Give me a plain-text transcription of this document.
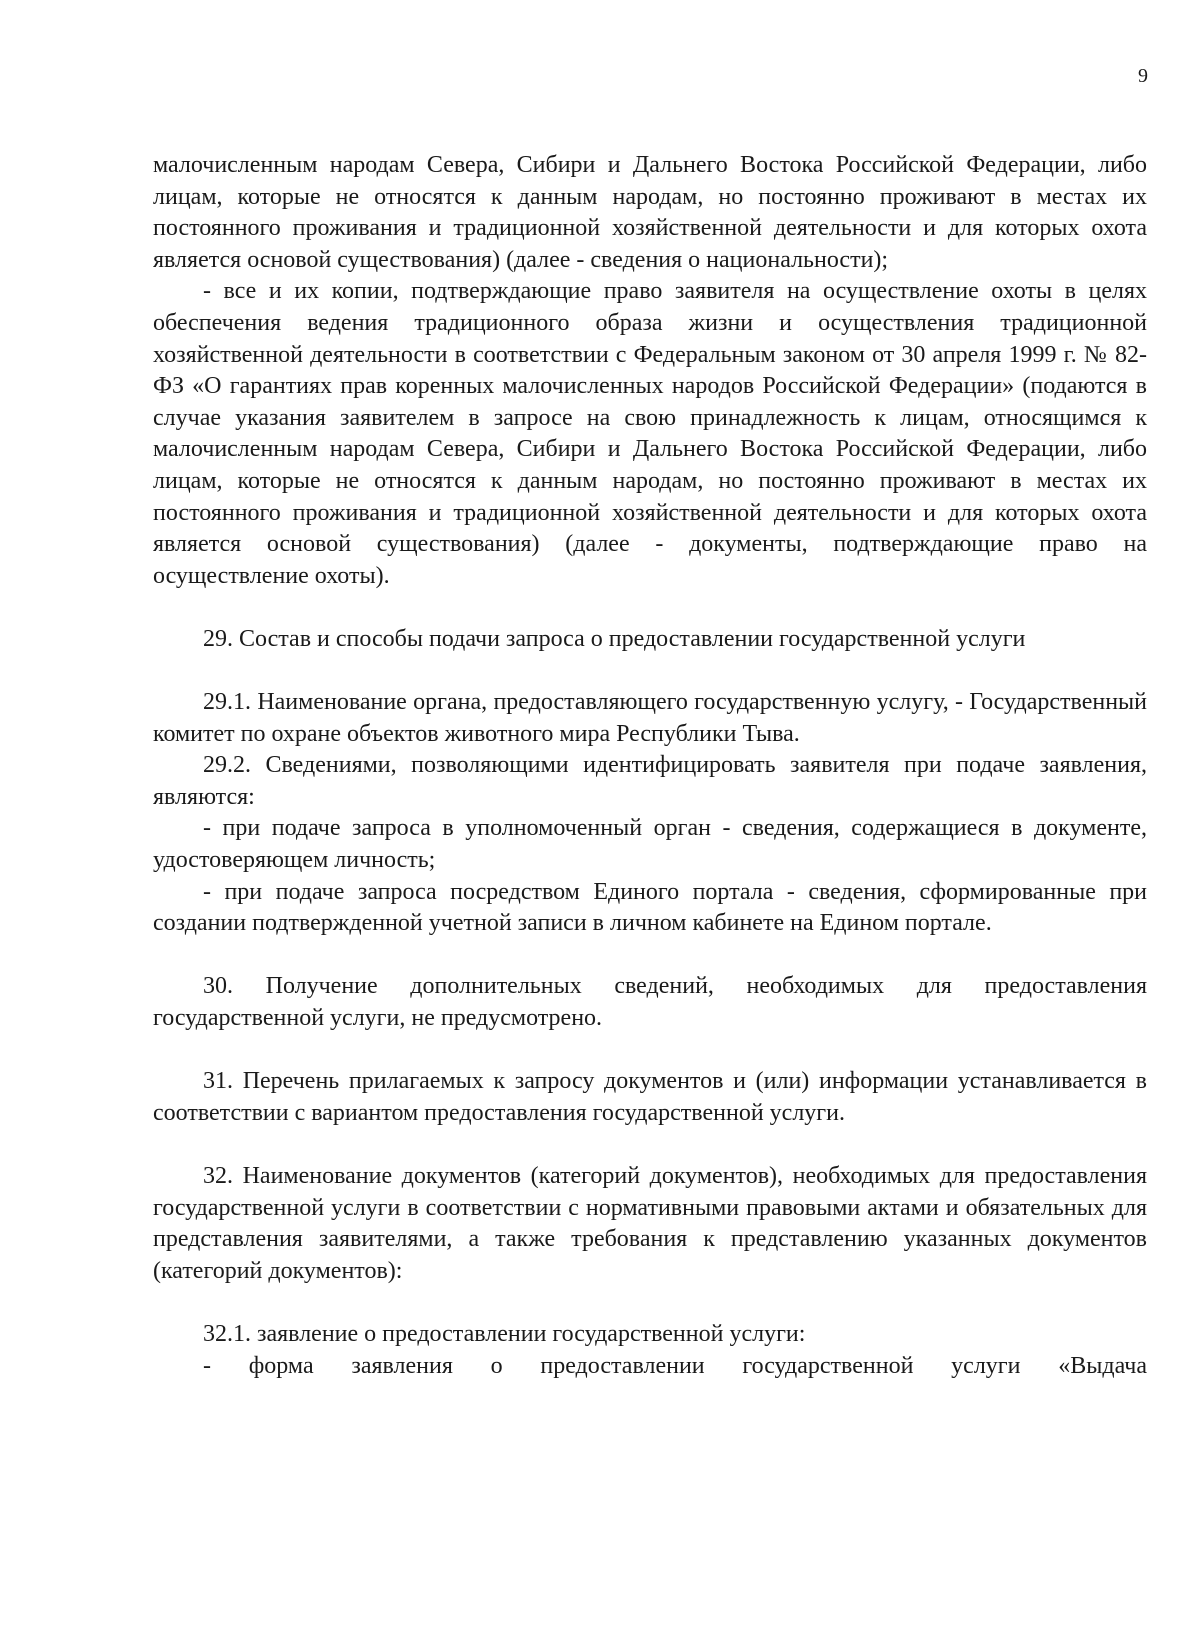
9

малочисленным народам Севера, Сибири и Дальнего Востока Российской Федерации, либо лицам, которые не относятся к данным народам, но постоянно проживают в местах их постоянного проживания и традиционной хозяйственной деятельности и для которых охота является основой существования) (далее - сведения о национальности);

- все и их копии, подтверждающие право заявителя на осуществление охоты в целях обеспечения ведения традиционного образа жизни и осуществления традиционной хозяйственной деятельности в соответствии с Федеральным законом от 30 апреля 1999 г. № 82-ФЗ «О гарантиях прав коренных малочисленных народов Российской Федерации» (подаются в случае указания заявителем в запросе на свою принадлежность к лицам, относящимся к малочисленным народам Севера, Сибири и Дальнего Востока Российской Федерации, либо лицам, которые не относятся к данным народам, но постоянно проживают в местах их постоянного проживания и традиционной хозяйственной деятельности и для которых охота является основой существования) (далее - документы, подтверждающие право на осуществление охоты).

29. Состав и способы подачи запроса о предоставлении государственной услуги

29.1. Наименование органа, предоставляющего государственную услугу, - Государственный комитет по охране объектов животного мира Республики Тыва.

29.2. Сведениями, позволяющими идентифицировать заявителя при подаче заявления, являются:

- при подаче запроса в уполномоченный орган - сведения, содержащиеся в документе, удостоверяющем личность;

- при подаче запроса посредством Единого портала - сведения, сформированные при создании подтвержденной учетной записи в личном кабинете на Едином портале.

30. Получение дополнительных сведений, необходимых для предоставления государственной услуги, не предусмотрено.

31. Перечень прилагаемых к запросу документов и (или) информации устанавливается в соответствии с вариантом предоставления государственной услуги.

32. Наименование документов (категорий документов), необходимых для предоставления государственной услуги в соответствии с нормативными правовыми актами и обязательных для представления заявителями, а также требования к представлению указанных документов (категорий документов):

32.1. заявление о предоставлении государственной услуги:

- форма заявления о предоставлении государственной услуги «Выдача
